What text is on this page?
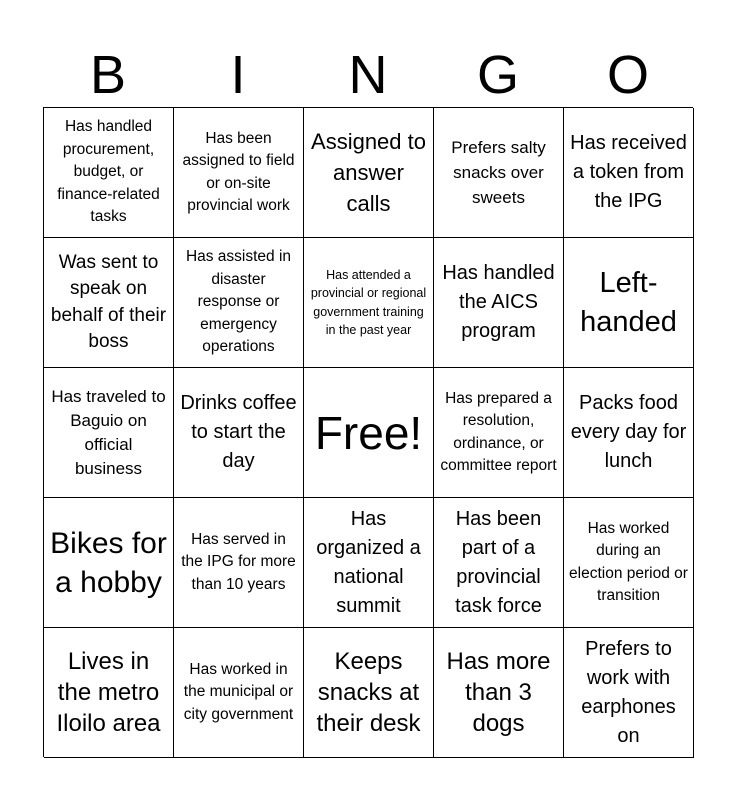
B	I	N	G	O
Has handled procurement, budget, or finance-related tasks
Has been assigned to field or on-site provincial work
Assigned to answer calls
Prefers salty snacks over sweets
Has received a token from the IPG
Was sent to speak on behalf of their boss
Has assisted in disaster response or emergency operations
Has attended a provincial or regional government training in the past year
Has handled the AICS program
Left-handed
Has traveled to Baguio on official business
Drinks coffee to start the day
Free!
Has prepared a resolution, ordinance, or committee report
Packs food every day for lunch
Bikes for a hobby
Has served in the IPG for more than 10 years
Has organized a national summit
Has been part of a provincial task force
Has worked during an election period or transition
Lives in the metro Iloilo area
Has worked in the municipal or city government
Keeps snacks at their desk
Has more than 3 dogs
Prefers to work with earphones on
